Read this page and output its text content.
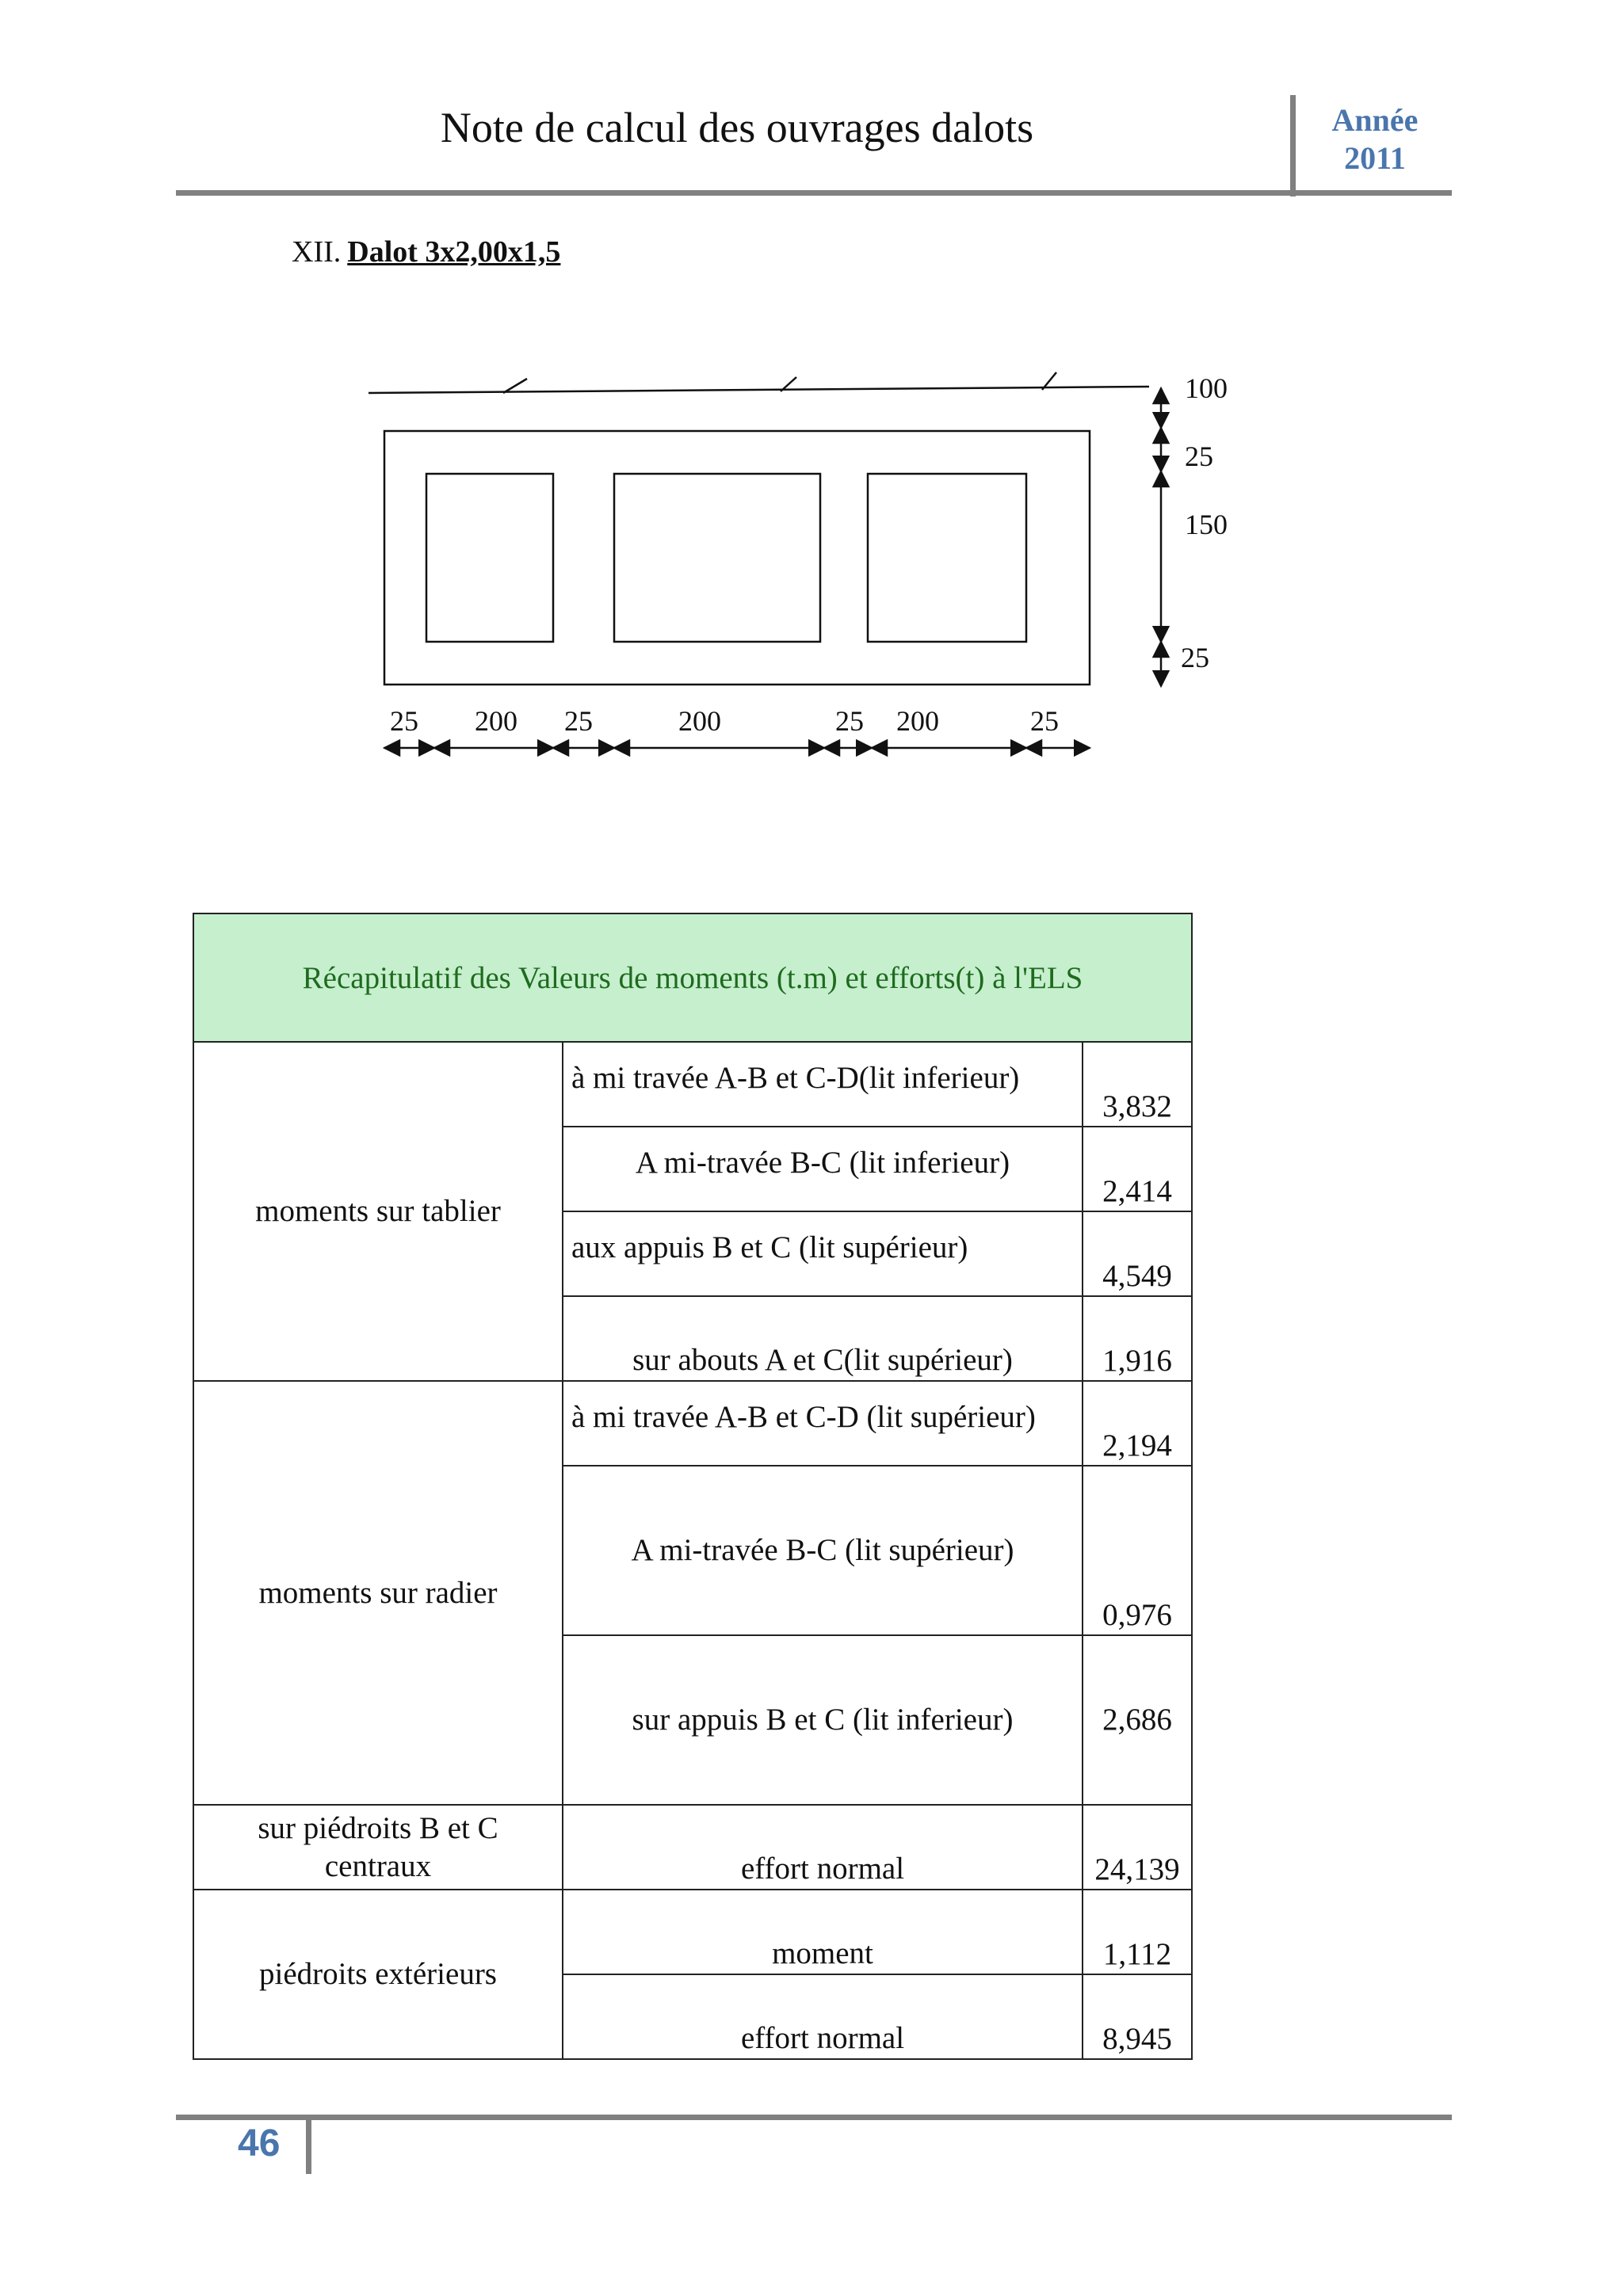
Note de calcul des ouvrages dalots	Année
2011
XII. Dalot 3x2,00x1,5
100
25
150
25
25 200 25	200	25 200	25
Récapitulatif des Valeurs de moments (t.m) et efforts(t) à l'ELS		
moments sur tablier	à mi travée A-B et C-D(lit inferieur)	3,832
	A mi-travée B-C (lit inferieur)	2,414
	aux appuis B et C (lit supérieur)	4,549
	sur abouts A et C(lit supérieur)	1,916
moments sur radier	à mi travée A-B et C-D (lit supérieur)	2,194
	A mi-travée B-C (lit supérieur)	0,976
	sur appuis B et C (lit inferieur)	2,686
sur piédroits B et C centraux	effort normal	24,139
piédroits extérieurs	moment	1,112
	effort normal	8,945
46
